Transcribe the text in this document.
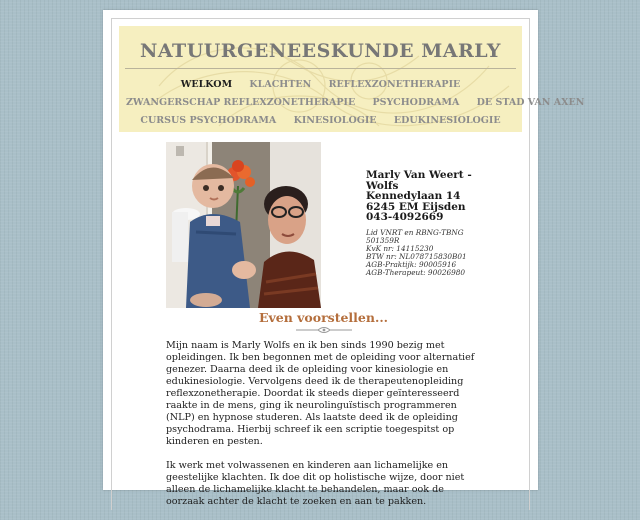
NATUURGENEESKUNDE MARLY
WELKOM KLACHTEN REFLEXZONETHERAPIE
ZWANGERSCHAP REFLEXZONETHERAPIE PSYCHODRAMA DE STAD VAN AXEN
CURSUS PSYCHODRAMA KINESIOLOGIE EDUKINESIOLOGIE

Marly Van Weert -

Wolfs

Kennedylaan 14

6245 EM Eijsden

043-4092669

Lid VNRT en RBNG-TBNG
501359R
KvK nr: 14115230
BTW nr: NL078715830B01
AGB-Praktijk: 90005916
AGB-Therapeut: 90026980
Even voorstellen...

Mijn naam is Marly Wolfs en ik ben sinds 1990 bezig met opleidingen. Ik ben begonnen met de opleiding voor alternatief genezer. Daarna deed ik de opleiding voor kinesiologie en edukinesiologie. Vervolgens deed ik de therapeutenopleiding reflexzonetherapie. Doordat ik steeds dieper geïnteresseerd raakte in de mens, ging ik neurolinguïstisch programmeren (NLP) en hypnose studeren. Als laatste deed ik de opleiding psychodrama. Hierbij schreef ik een scriptie toegespitst op kinderen en pesten.

Ik werk met volwassenen en kinderen aan lichamelijke en geestelijke klachten. Ik doe dit op holistische wijze, door niet alleen de lichamelijke klacht te behandelen, maar ook de oorzaak achter de klacht te zoeken en aan te pakken.
